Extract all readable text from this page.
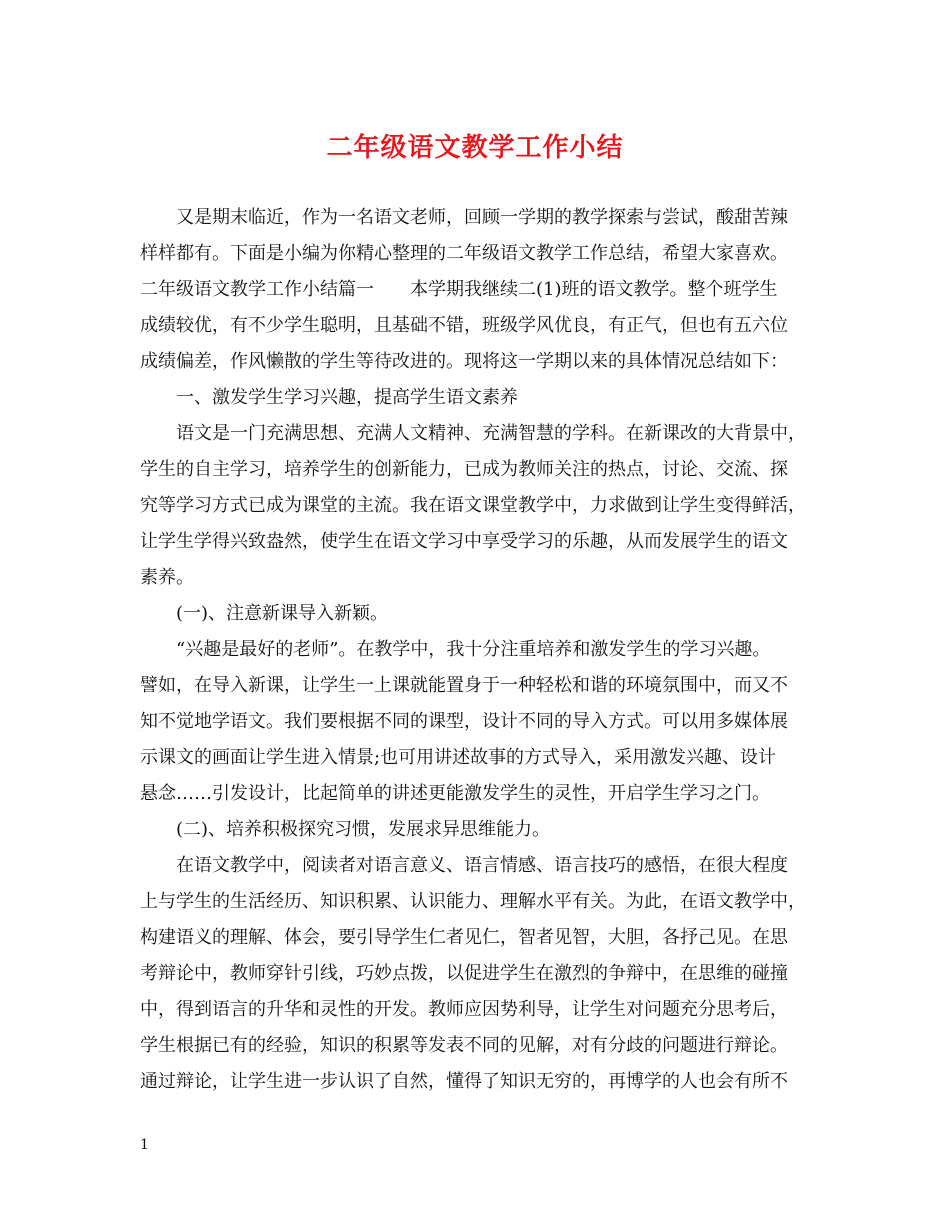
二年级语文教学工作小结
　　又是期末临近，作为一名语文老师，回顾一学期的教学探索与尝试，酸甜苦辣
样样都有。下面是小编为你精心整理的二年级语文教学工作总结，希望大家喜欢。
二年级语文教学工作小结篇一　　本学期我继续二(1)班的语文教学。整个班学生
成绩较优，有不少学生聪明，且基础不错，班级学风优良，有正气，但也有五六位
成绩偏差，作风懒散的学生等待改进的。现将这一学期以来的具体情况总结如下：
　　一、激发学生学习兴趣，提高学生语文素养
　　语文是一门充满思想、充满人文精神、充满智慧的学科。在新课改的大背景中，
学生的自主学习，培养学生的创新能力，已成为教师关注的热点，讨论、交流、探
究等学习方式已成为课堂的主流。我在语文课堂教学中，力求做到让学生变得鲜活，
让学生学得兴致盎然，使学生在语文学习中享受学习的乐趣，从而发展学生的语文
素养。
　　(一)、注意新课导入新颖。
　　“兴趣是最好的老师”。在教学中，我十分注重培养和激发学生的学习兴趣。
譬如，在导入新课，让学生一上课就能置身于一种轻松和谐的环境氛围中，而又不
知不觉地学语文。我们要根据不同的课型，设计不同的导入方式。可以用多媒体展
示课文的画面让学生进入情景;也可用讲述故事的方式导入，采用激发兴趣、设计
悬念……引发设计，比起简单的讲述更能激发学生的灵性，开启学生学习之门。
　　(二)、培养积极探究习惯，发展求异思维能力。
　　在语文教学中，阅读者对语言意义、语言情感、语言技巧的感悟，在很大程度
上与学生的生活经历、知识积累、认识能力、理解水平有关。为此，在语文教学中，
构建语义的理解、体会，要引导学生仁者见仁，智者见智，大胆，各抒己见。在思
考辩论中，教师穿针引线，巧妙点拨，以促进学生在激烈的争辩中，在思维的碰撞
中，得到语言的升华和灵性的开发。教师应因势利导，让学生对问题充分思考后，
学生根据已有的经验，知识的积累等发表不同的见解，对有分歧的问题进行辩论。
通过辩论，让学生进一步认识了自然，懂得了知识无穷的，再博学的人也会有所不
1
